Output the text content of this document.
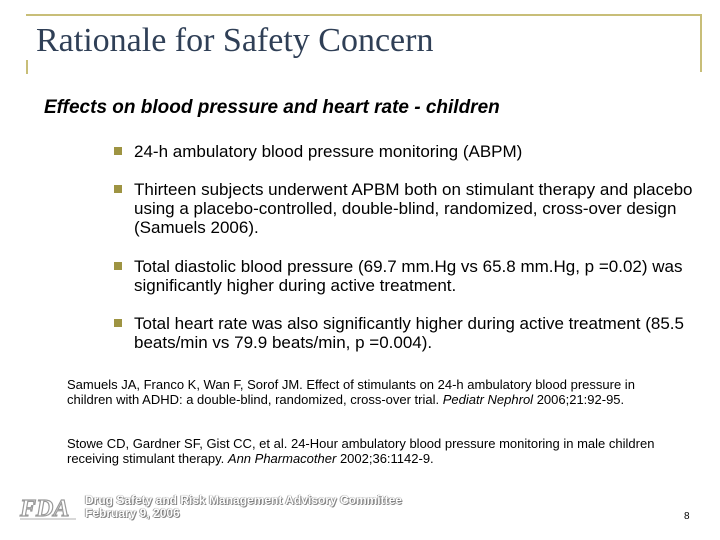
Rationale for Safety Concern
Effects on blood pressure and heart rate - children
24-h ambulatory blood pressure monitoring (ABPM)
Thirteen subjects underwent APBM both on stimulant therapy and placebo using a placebo-controlled, double-blind, randomized, cross-over design (Samuels 2006).
Total diastolic blood pressure (69.7 mm.Hg vs 65.8 mm.Hg, p =0.02) was significantly higher during active treatment.
Total heart rate was also significantly higher during active treatment (85.5 beats/min vs 79.9 beats/min, p =0.004).
Samuels JA, Franco K, Wan F, Sorof JM. Effect of stimulants on 24-h ambulatory blood pressure in children with ADHD: a double-blind, randomized, cross-over trial. Pediatr Nephrol 2006;21:92-95.
Stowe CD, Gardner SF, Gist CC, et al. 24-Hour ambulatory blood pressure monitoring in male children receiving stimulant therapy. Ann Pharmacother 2002;36:1142-9.
FDA Drug Safety and Risk Management Advisory Committee
February 9, 2006	8
